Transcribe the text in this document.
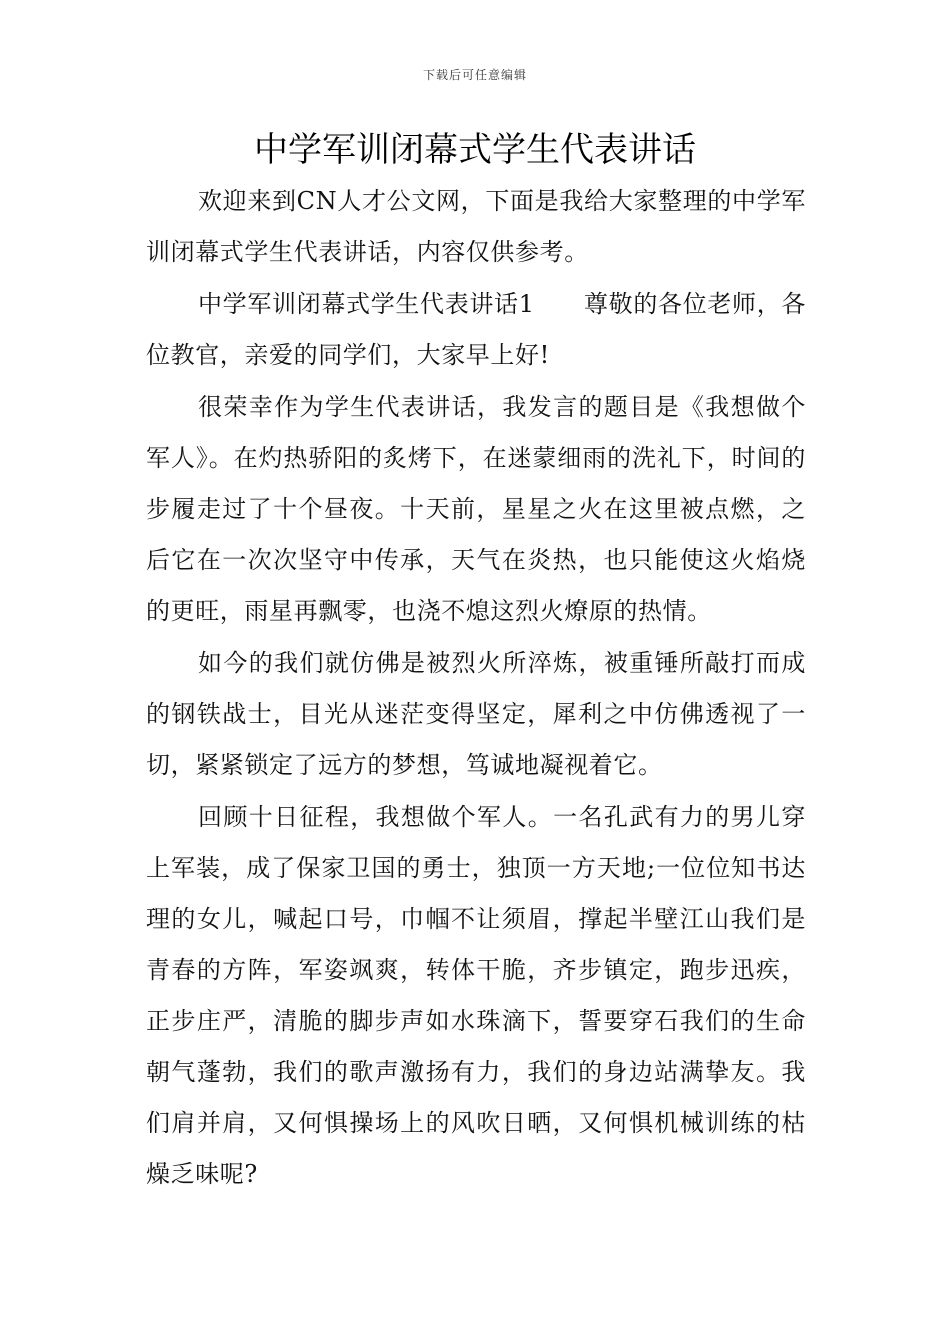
下载后可任意编辑
中学军训闭幕式学生代表讲话

欢迎来到CN人才公文网，下面是我给大家整理的中学军训闭幕式学生代表讲话，内容仅供参考。

中学军训闭幕式学生代表讲话1　　尊敬的各位老师，各位教官，亲爱的同学们，大家早上好!

很荣幸作为学生代表讲话，我发言的题目是《我想做个军人》。在灼热骄阳的炙烤下，在迷蒙细雨的洗礼下，时间的步履走过了十个昼夜。十天前，星星之火在这里被点燃，之后它在一次次坚守中传承，天气在炎热，也只能使这火焰烧的更旺，雨星再飘零，也浇不熄这烈火燎原的热情。

如今的我们就仿佛是被烈火所淬炼，被重锤所敲打而成的钢铁战士，目光从迷茫变得坚定，犀利之中仿佛透视了一切，紧紧锁定了远方的梦想，笃诚地凝视着它。

回顾十日征程，我想做个军人。一名孔武有力的男儿穿上军装，成了保家卫国的勇士，独顶一方天地;一位位知书达理的女儿，喊起口号，巾帼不让须眉，撑起半壁江山我们是青春的方阵，军姿飒爽，转体干脆，齐步镇定，跑步迅疾，正步庄严，清脆的脚步声如水珠滴下，誓要穿石我们的生命朝气蓬勃，我们的歌声激扬有力，我们的身边站满挚友。我们肩并肩，又何惧操场上的风吹日晒，又何惧机械训练的枯燥乏味呢?
